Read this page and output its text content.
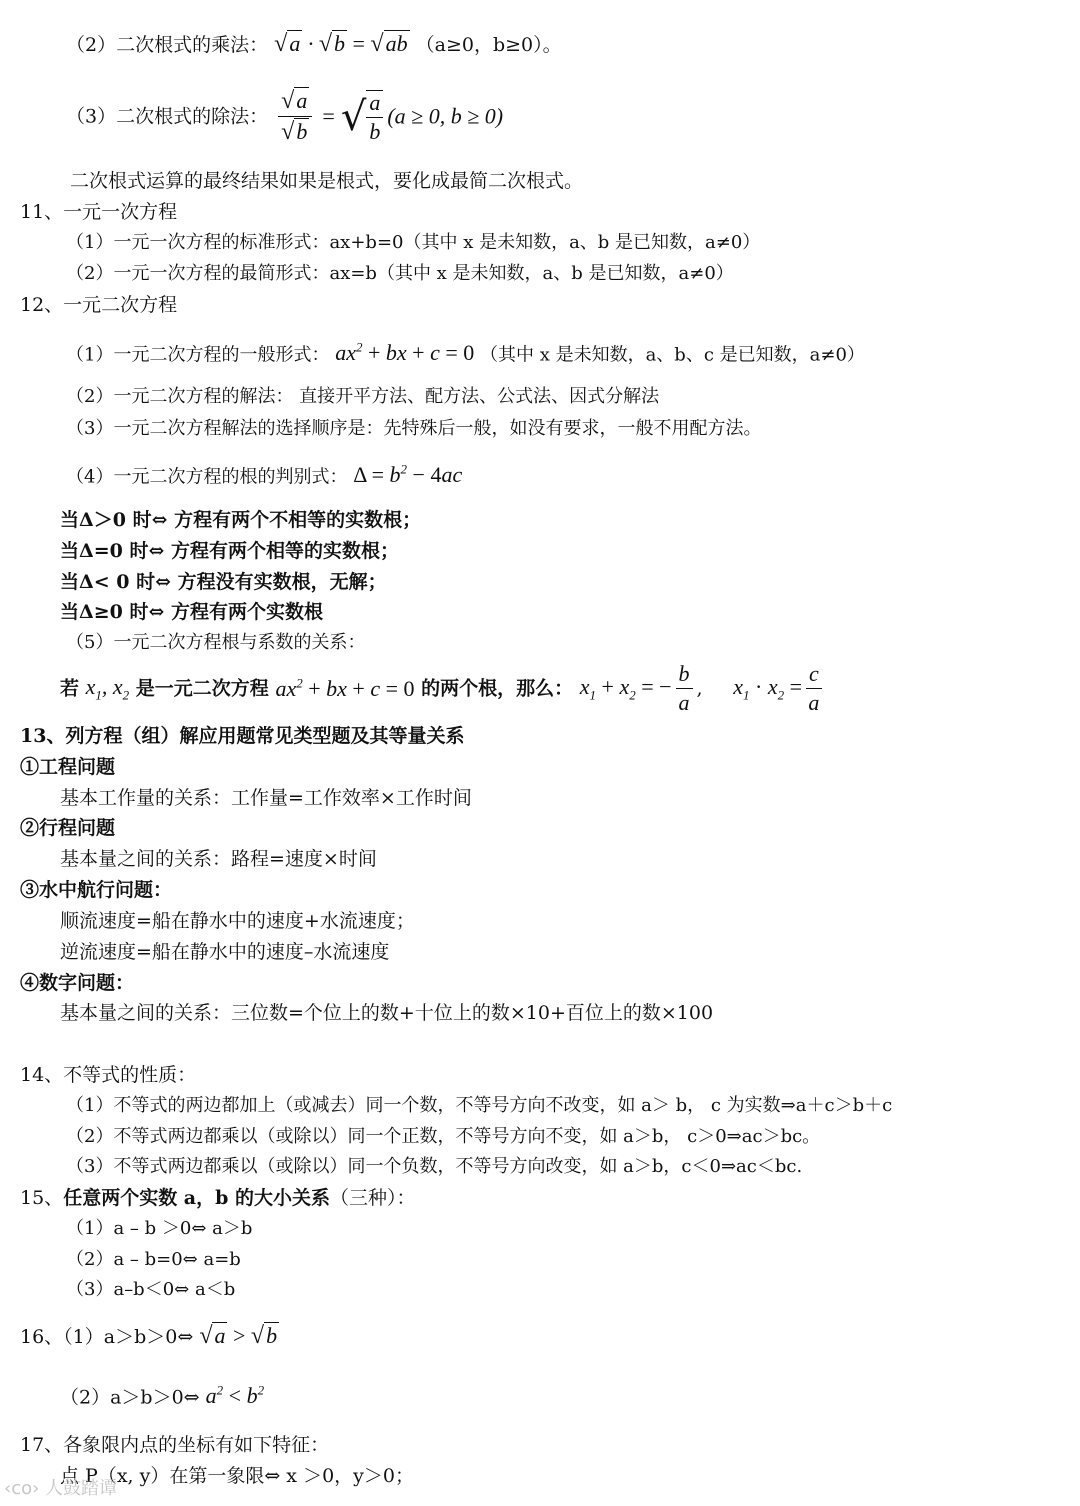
（2）二次根式的乘法： √a · √b = √ab （a≥0，b≥0）。
（3）二次根式的除法： $\frac{√a}{√b}$ = √ $\frac{a}{b} (a \ge 0$, b ≥ 0)
二次根式运算的最终结果如果是根式，要化成最简二次根式。
11、一元一次方程
（1）一元一次方程的标准形式：ax+b=0（其中 x 是未知数，a、b 是已知数，a≠0）
（2）一元一次方程的最简形式：ax=b（其中 x 是未知数，a、b 是已知数，a≠0）
12、一元二次方程
（1）一元二次方程的一般形式： $ax^2$ + bx + c = 0 （其中 x 是未知数，a、b、c 是已知数，a≠0）
（2）一元二次方程的解法： 直接开平方法、配方法、公式法、因式分解法
（3）一元二次方程解法的选择顺序是：先特殊后一般，如没有要求，一般不用配方法。
（4）一元二次方程的根的判别式： $\Delta = b^2 - 4ac$
当Δ＞0 时⇔ 方程有两个不相等的实数根；
当Δ=0 时⇔ 方程有两个相等的实数根；
当Δ< 0 时⇔ 方程没有实数根，无解；
当Δ≥0 时⇔ 方程有两个实数根
（5）一元二次方程根与系数的关系：
若 $x_1$, $x_2$ 是一元二次方程 $ax^2$ + bx + c = 0 的两个根，那么： $x_1 + x_2$ = − $\frac{b}{a}$ , $x_1 \cdot x_2 = \frac{c}{a}$
13、列方程（组）解应用题常见类型题及其等量关系
①工程问题
基本工作量的关系：工作量=工作效率×工作时间
②行程问题
基本量之间的关系：路程=速度×时间
③水中航行问题：
顺流速度=船在静水中的速度+水流速度；
逆流速度=船在静水中的速度–水流速度
④数字问题：
基本量之间的关系：三位数=个位上的数+十位上的数×10+百位上的数×100
14、不等式的性质：
（1）不等式的两边都加上（或减去）同一个数，不等号方向不改变，如 a＞ b， c 为实数⇒a＋c＞b＋c
（2）不等式两边都乘以（或除以）同一个正数，不等号方向不变，如 a＞b， c＞0⇒ac＞bc。
（3）不等式两边都乘以（或除以）同一个负数，不等号方向改变，如 a＞b，c＜0⇒ac＜bc.
15、任意两个实数 a，b 的大小关系（三种）：
（1）a – b ＞0⇔ a＞b
（2）a – b=0⇔ a=b
（3）a–b＜0⇔ a＜b
16、（1）a＞b＞0⇔ √a > √b
（2）a＞b＞0⇔ $a^2 < b^2$
17、各象限内点的坐标有如下特征：
点 P（x, y）在第一象限⇔ x ＞0，y＞0；
‹co› 人鼓踏谭
